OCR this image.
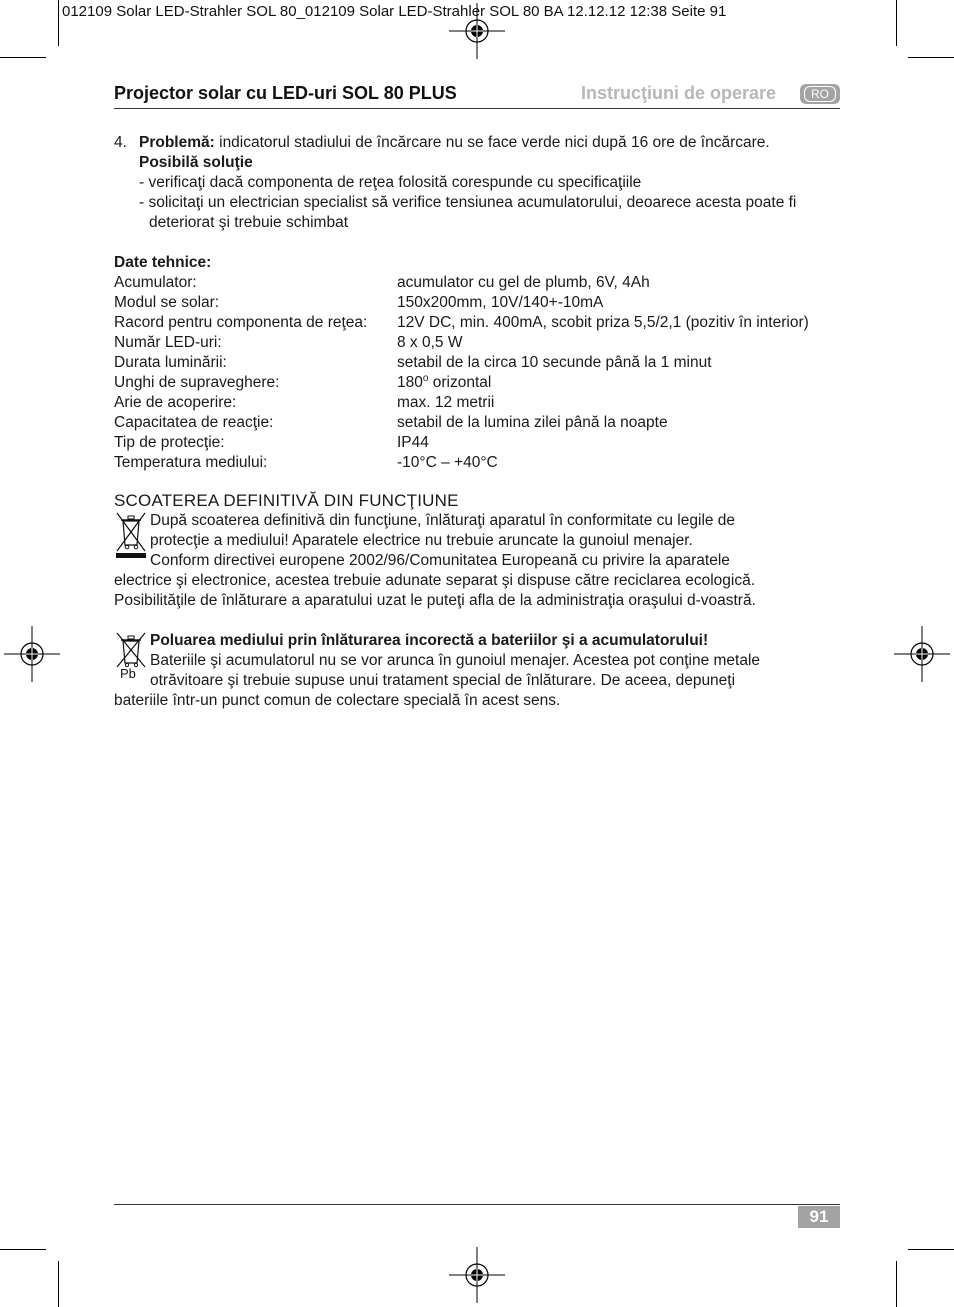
012109 Solar LED-Strahler SOL 80_012109 Solar LED-Strahler SOL 80 BA 12.12.12 12:38 Seite 91
Projector solar cu LED-uri SOL 80 PLUS	Instrucţiuni de operare	RO
4. Problemă: indicatorul stadiului de încărcare nu se face verde nici după 16 ore de încărcare.
Posibilă soluţie

- verificaţi dacă componenta de reţea folosită corespunde cu specificaţiile

- solicitaţi un electrician specialist să verifice tensiunea acumulatorului, deoarece acesta poate fi deteriorat şi trebuie schimbat

Date tehnice:
Acumulator:	acumulator cu gel de plumb, 6V, 4Ah
Modul se solar:	150x200mm, 10V/140+-10mA
Racord pentru componenta de reţea:	12V DC, min. 400mA, scobit priza 5,5/2,1 (pozitiv în interior)
Număr LED-uri:	8 x 0,5 W
Durata luminării:	setabil de la circa 10 secunde până la 1 minut
Unghi de supraveghere:	180$^o$ orizontal
Arie de acoperire:	max. 12 metrii
Capacitatea de reacţie:	setabil de la lumina zilei până la noapte
Tip de protecţie:	IP44
Temperatura mediului:	-10°C – +40°C
SCOATEREA DEFINITIVĂ DIN FUNCŢIUNE
După scoaterea definitivă din funcţiune, înlăturaţi aparatul în conformitate cu legile de
protecţie a mediului! Aparatele electrice nu trebuie aruncate la gunoiul menajer.
Conform directivei europene 2002/96/Comunitatea Europeană cu privire la aparatele
electrice şi electronice, acestea trebuie adunate separat şi dispuse către reciclarea ecologică.
Posibilităţile de înlăturare a aparatului uzat le puteţi afla de la administraţia oraşului d-voastră.
Pb
Poluarea mediului prin înlăturarea incorectă a bateriilor şi a acumulatorului!
Bateriile şi acumulatorul nu se vor arunca în gunoiul menajer. Acestea pot conţine metale
otrăvitoare şi trebuie supuse unui tratament special de înlăturare. De aceea, depuneţi
bateriile într-un punct comun de colectare specială în acest sens.
91
